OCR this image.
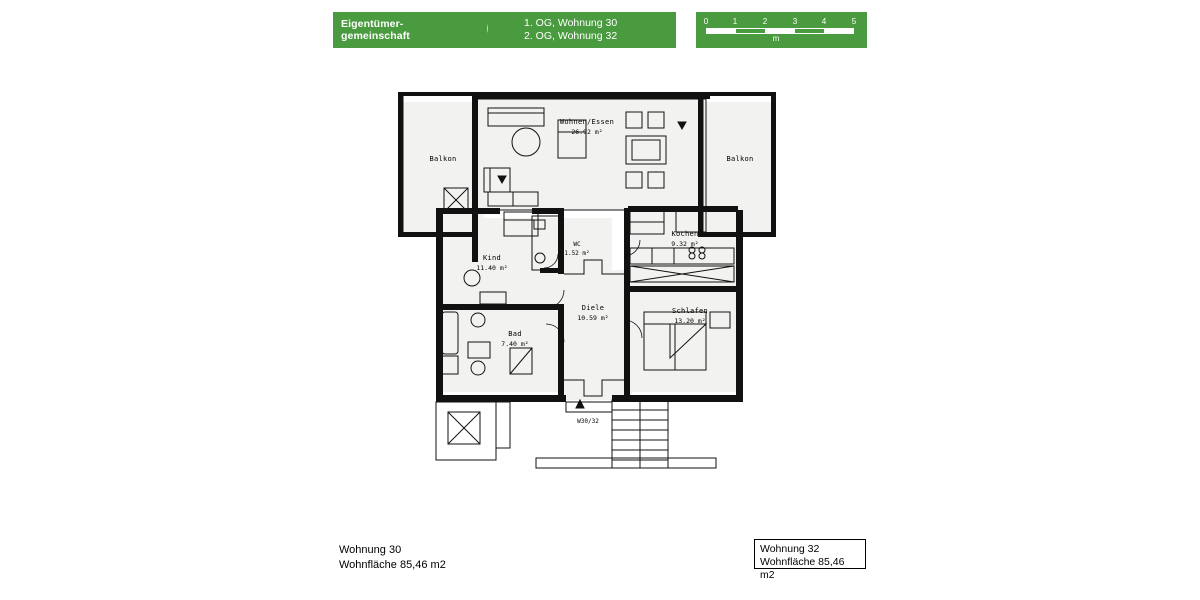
Eigentümer-
gemeinschaft
1. OG, Wohnung 30
2. OG, Wohnung 32
0	1	2	3	4	5
m
Balkon
Wohnen/Essen
26.92 m²
Balkon
Kochen
9.32 m²
WC
1.52 m²
Kind
11.40 m²
Diele
10.59 m²
Schlafen
13.20 m²
Bad
7.40 m²
W30/32
Wohnung 30
Wohnfläche 85,46 m2
Wohnung 32
Wohnfläche 85,46 m2
